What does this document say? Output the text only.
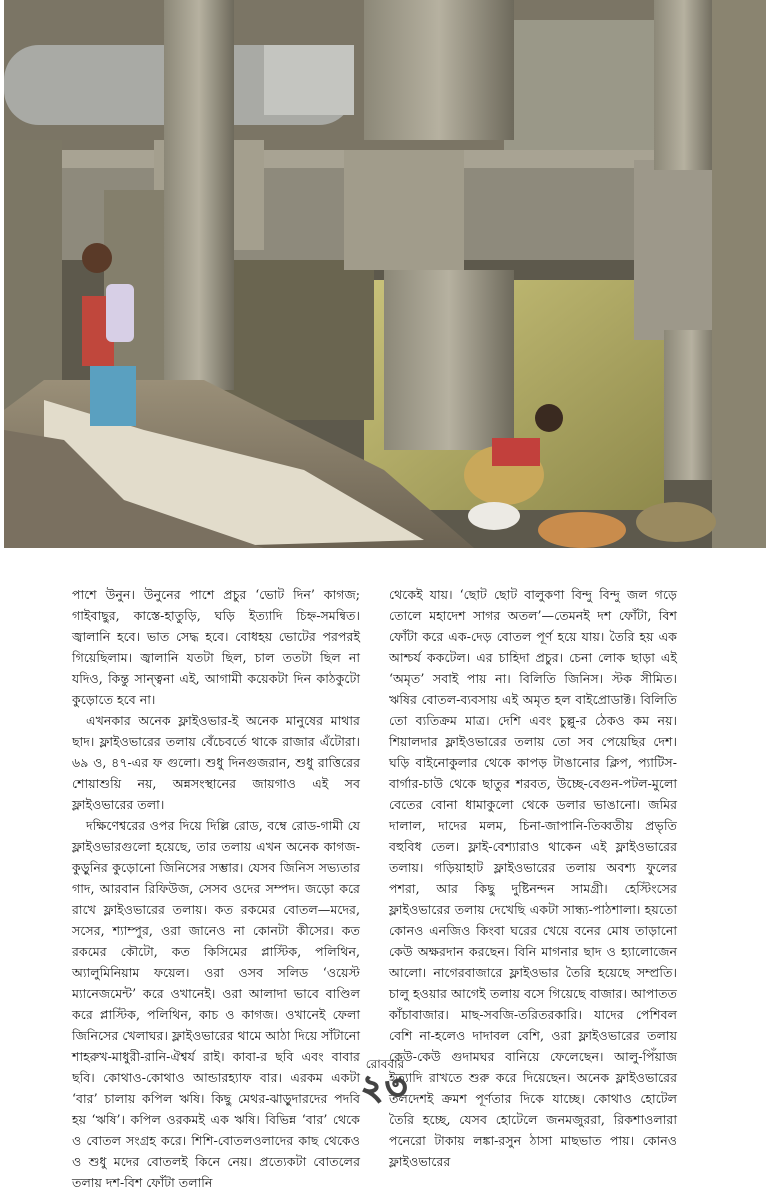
পাশে উনুন। উনুনের পাশে প্রচুর ‘ভোট দিন’ কাগজ; গাইবাছুর, কাস্তে-হাতুড়ি, ঘড়ি ইত্যাদি চিহ্ন-সমন্বিত। জ্বালানি হবে। ভাত সেদ্ধ হবে। বোধহয় ভোটের পরপরই গিয়েছিলাম। জ্বালানি যতটা ছিল, চাল ততটা ছিল না যদিও, কিন্তু সান্ত্বনা এই, আগামী কয়েকটা দিন কাঠকুটো কুড়োতে হবে না।

এখনকার অনেক ফ্লাইওভার-ই অনেক মানুষের মাথার ছাদ। ফ্লাইওভারের তলায় বেঁচেবর্তে থাকে রাজার এঁটোরা। ৬৯ ও, ৪৭-এর ফ গুলো। শুধু দিনগুজরান, শুধু রাত্তিরের শোয়াশুয়ি নয়, অন্নসংস্থানের জায়গাও এই সব ফ্লাইওভারের তলা।

দক্ষিণেশ্বরের ওপর দিয়ে দিল্লি রোড, বম্বে রোড-গামী যে ফ্লাইওভারগুলো হয়েছে, তার তলায় এখন অনেক কাগজ-কুড়ুনির কুড়োনো জিনিসের সম্ভার। যেসব জিনিস সভ্যতার গাদ, আরবান রিফিউজ, সেসব ওদের সম্পদ। জড়ো করে রাখে ফ্লাইওভারের তলায়। কত রকমের বোতল—মদের, সসের, শ্যাম্পুর, ওরা জানেও না কোনটা কীসের। কত রকমের কৌটো, কত কিসিমের প্লাস্টিক, পলিথিন, অ্যালুমিনিয়াম ফয়েল। ওরা ওসব সলিড ‘ওয়েস্ট ম্যানেজমেন্ট’ করে ওখানেই। ওরা আলাদা ভাবে বাণ্ডিল করে প্লাস্টিক, পলিথিন, কাচ ও কাগজ। ওখানেই ফেলা জিনিসের খেলাঘর। ফ্লাইওভারের থামে আঠা দিয়ে সাঁটানো শাহরুখ-মাধুরী-রানি-ঐশ্বর্য রাই। কাবা-র ছবি এবং বাবার ছবি। কোথাও-কোথাও আন্ডারহ্যাফ বার। এরকম একটা ‘বার’ চালায় কপিল ঋষি। কিছু মেথর-ঝাড়ুদারদের পদবি হয় ‘ঋষি’। কপিল ওরকমই এক ঋষি। বিভিন্ন ‘বার’ থেকে ও বোতল সংগ্রহ করে। শিশি-বোতলওলাদের কাছ থেকেও ও শুধু মদের বোতলই কিনে নেয়। প্রত্যেকটা বোতলের তলায় দশ-বিশ ফোঁটা তলানি

থেকেই যায়। ‘ছোট ছোট বালুকণা বিন্দু বিন্দু জল গড়ে তোলে মহাদেশ সাগর অতল’—তেমনই দশ ফোঁটা, বিশ ফোঁটা করে এক-দেড় বোতল পূর্ণ হয়ে যায়। তৈরি হয় এক আশ্চর্য ককটেল। এর চাহিদা প্রচুর। চেনা লোক ছাড়া এই ‘অমৃত’ সবাই পায় না। বিলিতি জিনিস। স্টক সীমিত। ঋষির বোতল-ব্যবসায় এই অমৃত হল বাইপ্রোডাক্ট। বিলিতি তো ব্যতিক্রম মাত্র। দেশি এবং চুল্লু-র ঠেকও কম নয়। শিয়ালদার ফ্লাইওভারের তলায় তো সব পেয়েছির দেশ। ঘড়ি বাইনোকুলার থেকে কাপড় টাঙানোর ক্লিপ, প্যাটিস-বার্গার-চাউ থেকে ছাতুর শরবত, উচ্ছে-বেগুন-পটল-মুলো বেতের বোনা ধামাকুলো থেকে ডলার ভাঙানো। জমির দালাল, দাদের মলম, চিনা-জাপানি-তিব্বতীয় প্রভৃতি বহুবিধ তেল। ফ্লাই-বেশ্যারাও থাকেন এই ফ্লাইওভারের তলায়। গড়িয়াহাট ফ্লাইওভারের তলায় অবশ্য ফুলের পশরা, আর কিছু দুষ্টিনন্দন সামগ্রী। হেস্টিংসের ফ্লাইওভারের তলায় দেখেছি একটা সান্ধ্য-পাঠশালা। হয়তো কোনও এনজিও কিংবা ঘরের খেয়ে বনের মোষ তাড়ানো কেউ অক্ষরদান করছেন। বিনি মাগনার ছাদ ও হ্যালোজেন আলো। নাগেরবাজারে ফ্লাইওভার তৈরি হয়েছে সম্প্রতি। চালু হওয়ার আগেই তলায় বসে গিয়েছে বাজার। আপাতত কাঁচাবাজার। মাছ-সবজি-তরিতরকারি। যাদের পেশিবল বেশি না-হলেও দাদাবল বেশি, ওরা ফ্লাইওভারের তলায় কেউ-কেউ গুদামঘর বানিয়ে ফেলেছেন। আলু-পিঁয়াজ ইত্যাদি রাখতে শুরু করে দিয়েছেন। অনেক ফ্লাইওভারের তলদেশই ক্রমশ পূর্ণতার দিকে যাচ্ছে। কোথাও হোটেল তৈরি হচ্ছে, যেসব হোটেলে জনমজুররা, রিকশাওলারা পনেরো টাকায় লঙ্কা-রসুন ঠাসা মাছভাত পায়। কোনও ফ্লাইওভারের

রোববার
২৩
